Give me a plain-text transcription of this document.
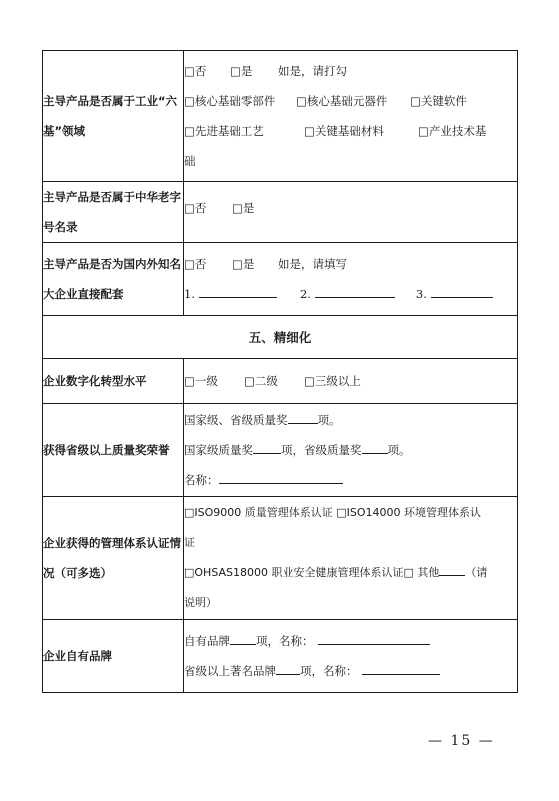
主导产品是否属于工业“六基”领域	□否 □是 如是，请打勾
□核心基础零部件 □核心基础元器件 □关键软件
□先进基础工艺 □关键基础材料 □产业技术基
础

主导产品是否属于中华老字号名录	□否 □是

主导产品是否为国内外知名大企业直接配套	□否 □是 如是，请填写
1. 2. 3.

五、精细化	
企业数字化转型水平	□一级 □二级 □三级以上

获得省级以上质量奖荣誉	国家级、省级质量奖 项。
国家级质量奖 项，省级质量奖 项。
名称：

企业获得的管理体系认证情况（可多选）	□ISO9000 质量管理体系认证 □ISO14000 环境管理体系认
证
□OHSAS18000 职业安全健康管理体系认证□ 其他 （请
说明）

企业自有品牌	自有品牌 项，名称：
省级以上著名品牌 项，名称：
— 15 —
